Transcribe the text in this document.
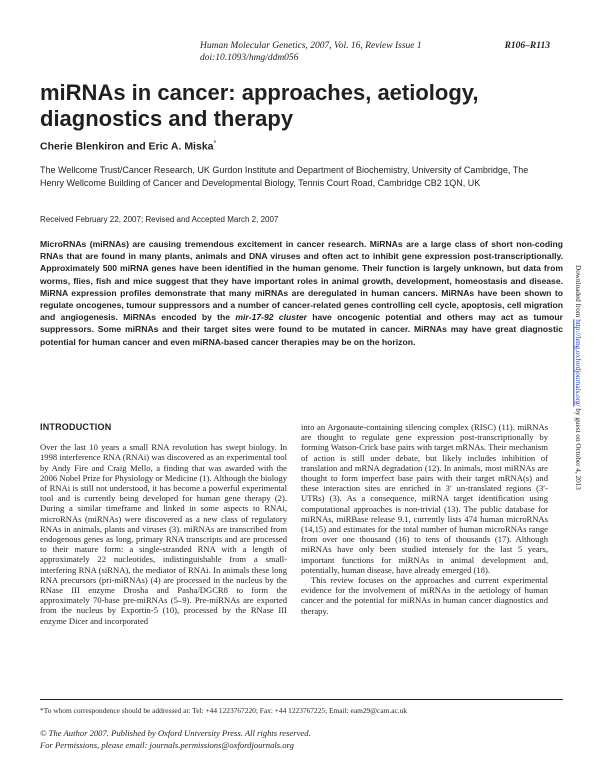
Human Molecular Genetics, 2007, Vol. 16, Review Issue 1	R106–R113
doi:10.1093/hmg/ddm056
miRNAs in cancer: approaches, aetiology, diagnostics and therapy
Cherie Blenkiron and Eric A. Miska*
The Wellcome Trust/Cancer Research, UK Gurdon Institute and Department of Biochemistry, University of Cambridge, The Henry Wellcome Building of Cancer and Developmental Biology, Tennis Court Road, Cambridge CB2 1QN, UK
Received February 22, 2007; Revised and Accepted March 2, 2007
MicroRNAs (miRNAs) are causing tremendous excitement in cancer research. MiRNAs are a large class of short non-coding RNAs that are found in many plants, animals and DNA viruses and often act to inhibit gene expression post-transcriptionally. Approximately 500 miRNA genes have been identified in the human genome. Their function is largely unknown, but data from worms, flies, fish and mice suggest that they have important roles in animal growth, development, homeostasis and disease. MiRNA expression profiles demonstrate that many miRNAs are deregulated in human cancers. MiRNAs have been shown to regulate oncogenes, tumour suppressors and a number of cancer-related genes controlling cell cycle, apoptosis, cell migration and angiogenesis. MiRNAs encoded by the mir-17-92 cluster have oncogenic potential and others may act as tumour suppressors. Some miRNAs and their target sites were found to be mutated in cancer. MiRNAs may have great diagnostic potential for human cancer and even miRNA-based cancer therapies may be on the horizon.
Downloaded from http://hmg.oxfordjournals.org/ by guest on October 4, 2013
INTRODUCTION

Over the last 10 years a small RNA revolution has swept biology. In 1998 interference RNA (RNAi) was discovered as an experimental tool by Andy Fire and Craig Mello, a finding that was awarded with the 2006 Nobel Prize for Physiology or Medicine (1). Although the biology of RNAi is still not understood, it has become a powerful experimental tool and is currently being developed for human gene therapy (2). During a similar timeframe and linked in some aspects to RNAi, microRNAs (miRNAs) were discovered as a new class of regulatory RNAs in animals, plants and viruses (3). miRNAs are transcribed from endogenous genes as long, primary RNA transcripts and are processed to their mature form: a single-stranded RNA with a length of approximately 22 nucleotides, indistinguishable from a small-interfering RNA (siRNA), the mediator of RNAi. In animals these long RNA precursors (pri-miRNAs) (4) are processed in the nucleus by the RNase III enzyme Drosha and Pasha/DGCR8 to form the approximately 70-base pre-miRNAs (5–9). Pre-miRNAs are exported from the nucleus by Exportin-5 (10), processed by the RNase III enzyme Dicer and incorporated

into an Argonaute-containing silencing complex (RISC) (11). miRNAs are thought to regulate gene expression post-transcriptionally by forming Watson-Crick base pairs with target mRNAs. Their mechanism of action is still under debate, but likely includes inhibition of translation and mRNA degradation (12). In animals, most miRNAs are thought to form imperfect base pairs with their target mRNA(s) and these interaction sites are enriched in 3′ un-translated regions (3′-UTRs) (3). As a consequence, miRNA target identification using computational approaches is non-trivial (13). The public database for miRNAs, miRBase release 9.1, currently lists 474 human microRNAs (14,15) and estimates for the total number of human microRNAs range from over one thousand (16) to tens of thousands (17). Although miRNAs have only been studied intensely for the last 5 years, important functions for miRNAs in animal development and, potentially, human disease, have already emerged (18).

This review focuses on the approaches and current experimental evidence for the involvement of miRNAs in the aetiology of human cancer and the potential for miRNAs in human cancer diagnostics and therapy.

*To whom correspondence should be addressed at: Tel: +44 1223767220; Fax: +44 1223767225; Email: eam29@cam.ac.uk
© The Author 2007. Published by Oxford University Press. All rights reserved.
For Permissions, please email: journals.permissions@oxfordjournals.org
